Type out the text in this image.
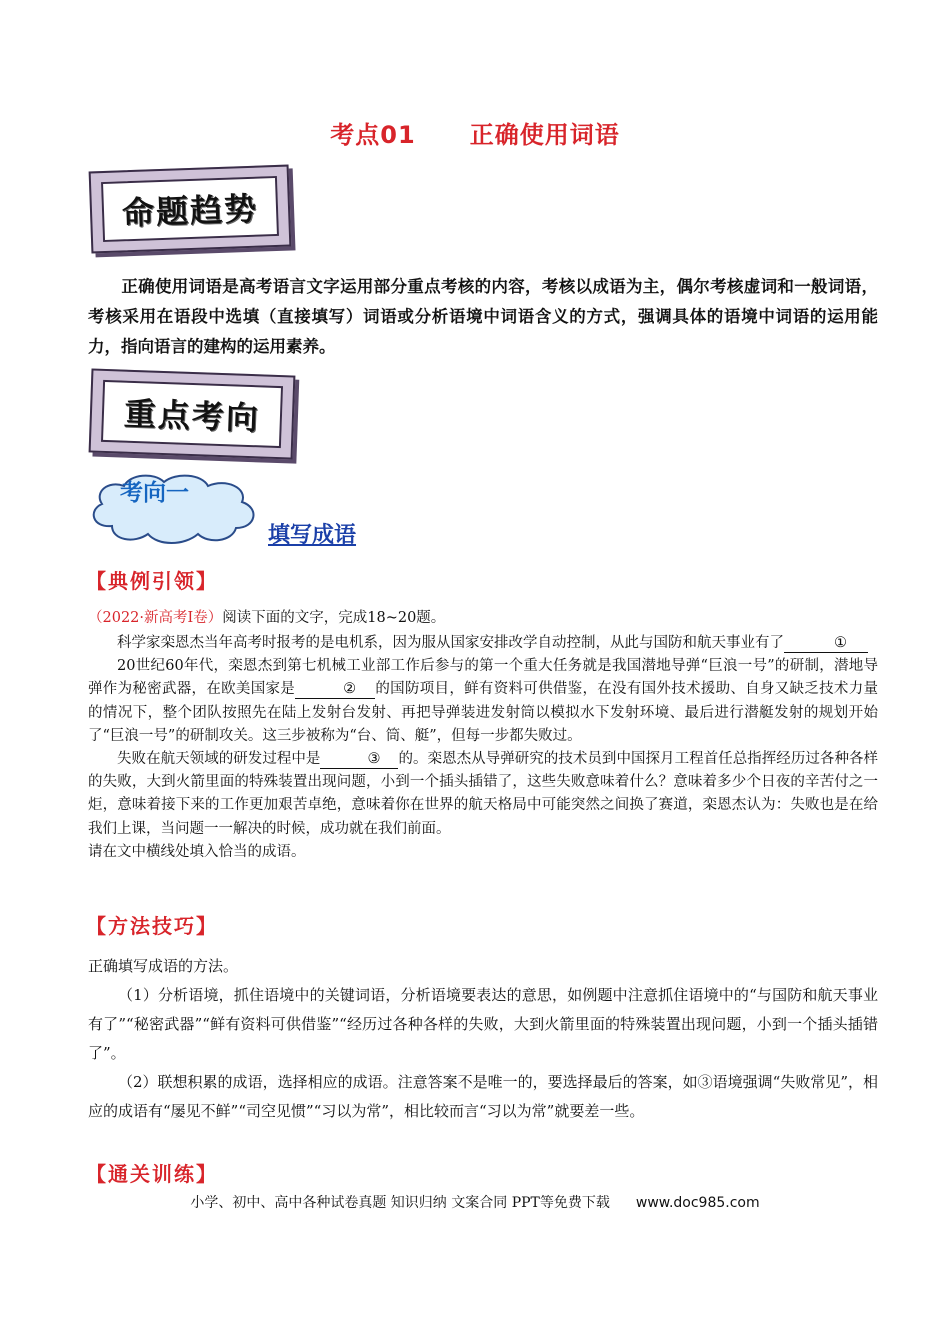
考点01 正确使用词语
命题趋势
正确使用词语是高考语言文字运用部分重点考核的内容，考核以成语为主，偶尔考核虚词和一般词语，考核采用在语段中选填（直接填写）词语或分析语境中词语含义的方式，强调具体的语境中词语的运用能力，指向语言的建构的运用素养。
重点考向
考向一
填写成语
【典例引领】
（2022·新高考Ⅰ卷）阅读下面的文字，完成18~20题。

科学家栾恩杰当年高考时报考的是电机系，因为服从国家安排改学自动控制，从此与国防和航天事业有了	①

20世纪60年代，栾恩杰到第七机械工业部工作后参与的第一个重大任务就是我国潜地导弹“巨浪一号”的研制，潜地导弹作为秘密武器，在欧美国家是	② 的国防项目，鲜有资料可供借鉴，在没有国外技术援助、自身又缺乏技术力量的情况下，整个团队按照先在陆上发射台发射、再把导弹装进发射筒以模拟水下发射环境、最后进行潜艇发射的规划开始了“巨浪一号”的研制攻关。这三步被称为“台、筒、艇”，但每一步都失败过。

失败在航天领域的研发过程中是	③ 的。栾恩杰从导弹研究的技术员到中国探月工程首任总指挥经历过各种各样的失败，大到火箭里面的特殊装置出现问题，小到一个插头插错了，这些失败意味着什么？意味着多少个日夜的辛苦付之一炬，意味着接下来的工作更加艰苦卓绝，意味着你在世界的航天格局中可能突然之间换了赛道，栾恩杰认为：失败也是在给我们上课，当问题一一解决的时候，成功就在我们前面。

请在文中横线处填入恰当的成语。

【方法技巧】

正确填写成语的方法。

（1）分析语境，抓住语境中的关键词语，分析语境要表达的意思，如例题中注意抓住语境中的“与国防和航天事业有了”“秘密武器”“鲜有资料可供借鉴”“经历过各种各样的失败，大到火箭里面的特殊装置出现问题，小到一个插头插错了”。

（2）联想积累的成语，选择相应的成语。注意答案不是唯一的，要选择最后的答案，如③语境强调“失败常见”，相应的成语有“屡见不鲜”“司空见惯”“习以为常”，相比较而言“习以为常”就要差一些。

【通关训练】
小学、初中、高中各种试卷真题 知识归纳 文案合同 PPT等免费下载 www.doc985.com
